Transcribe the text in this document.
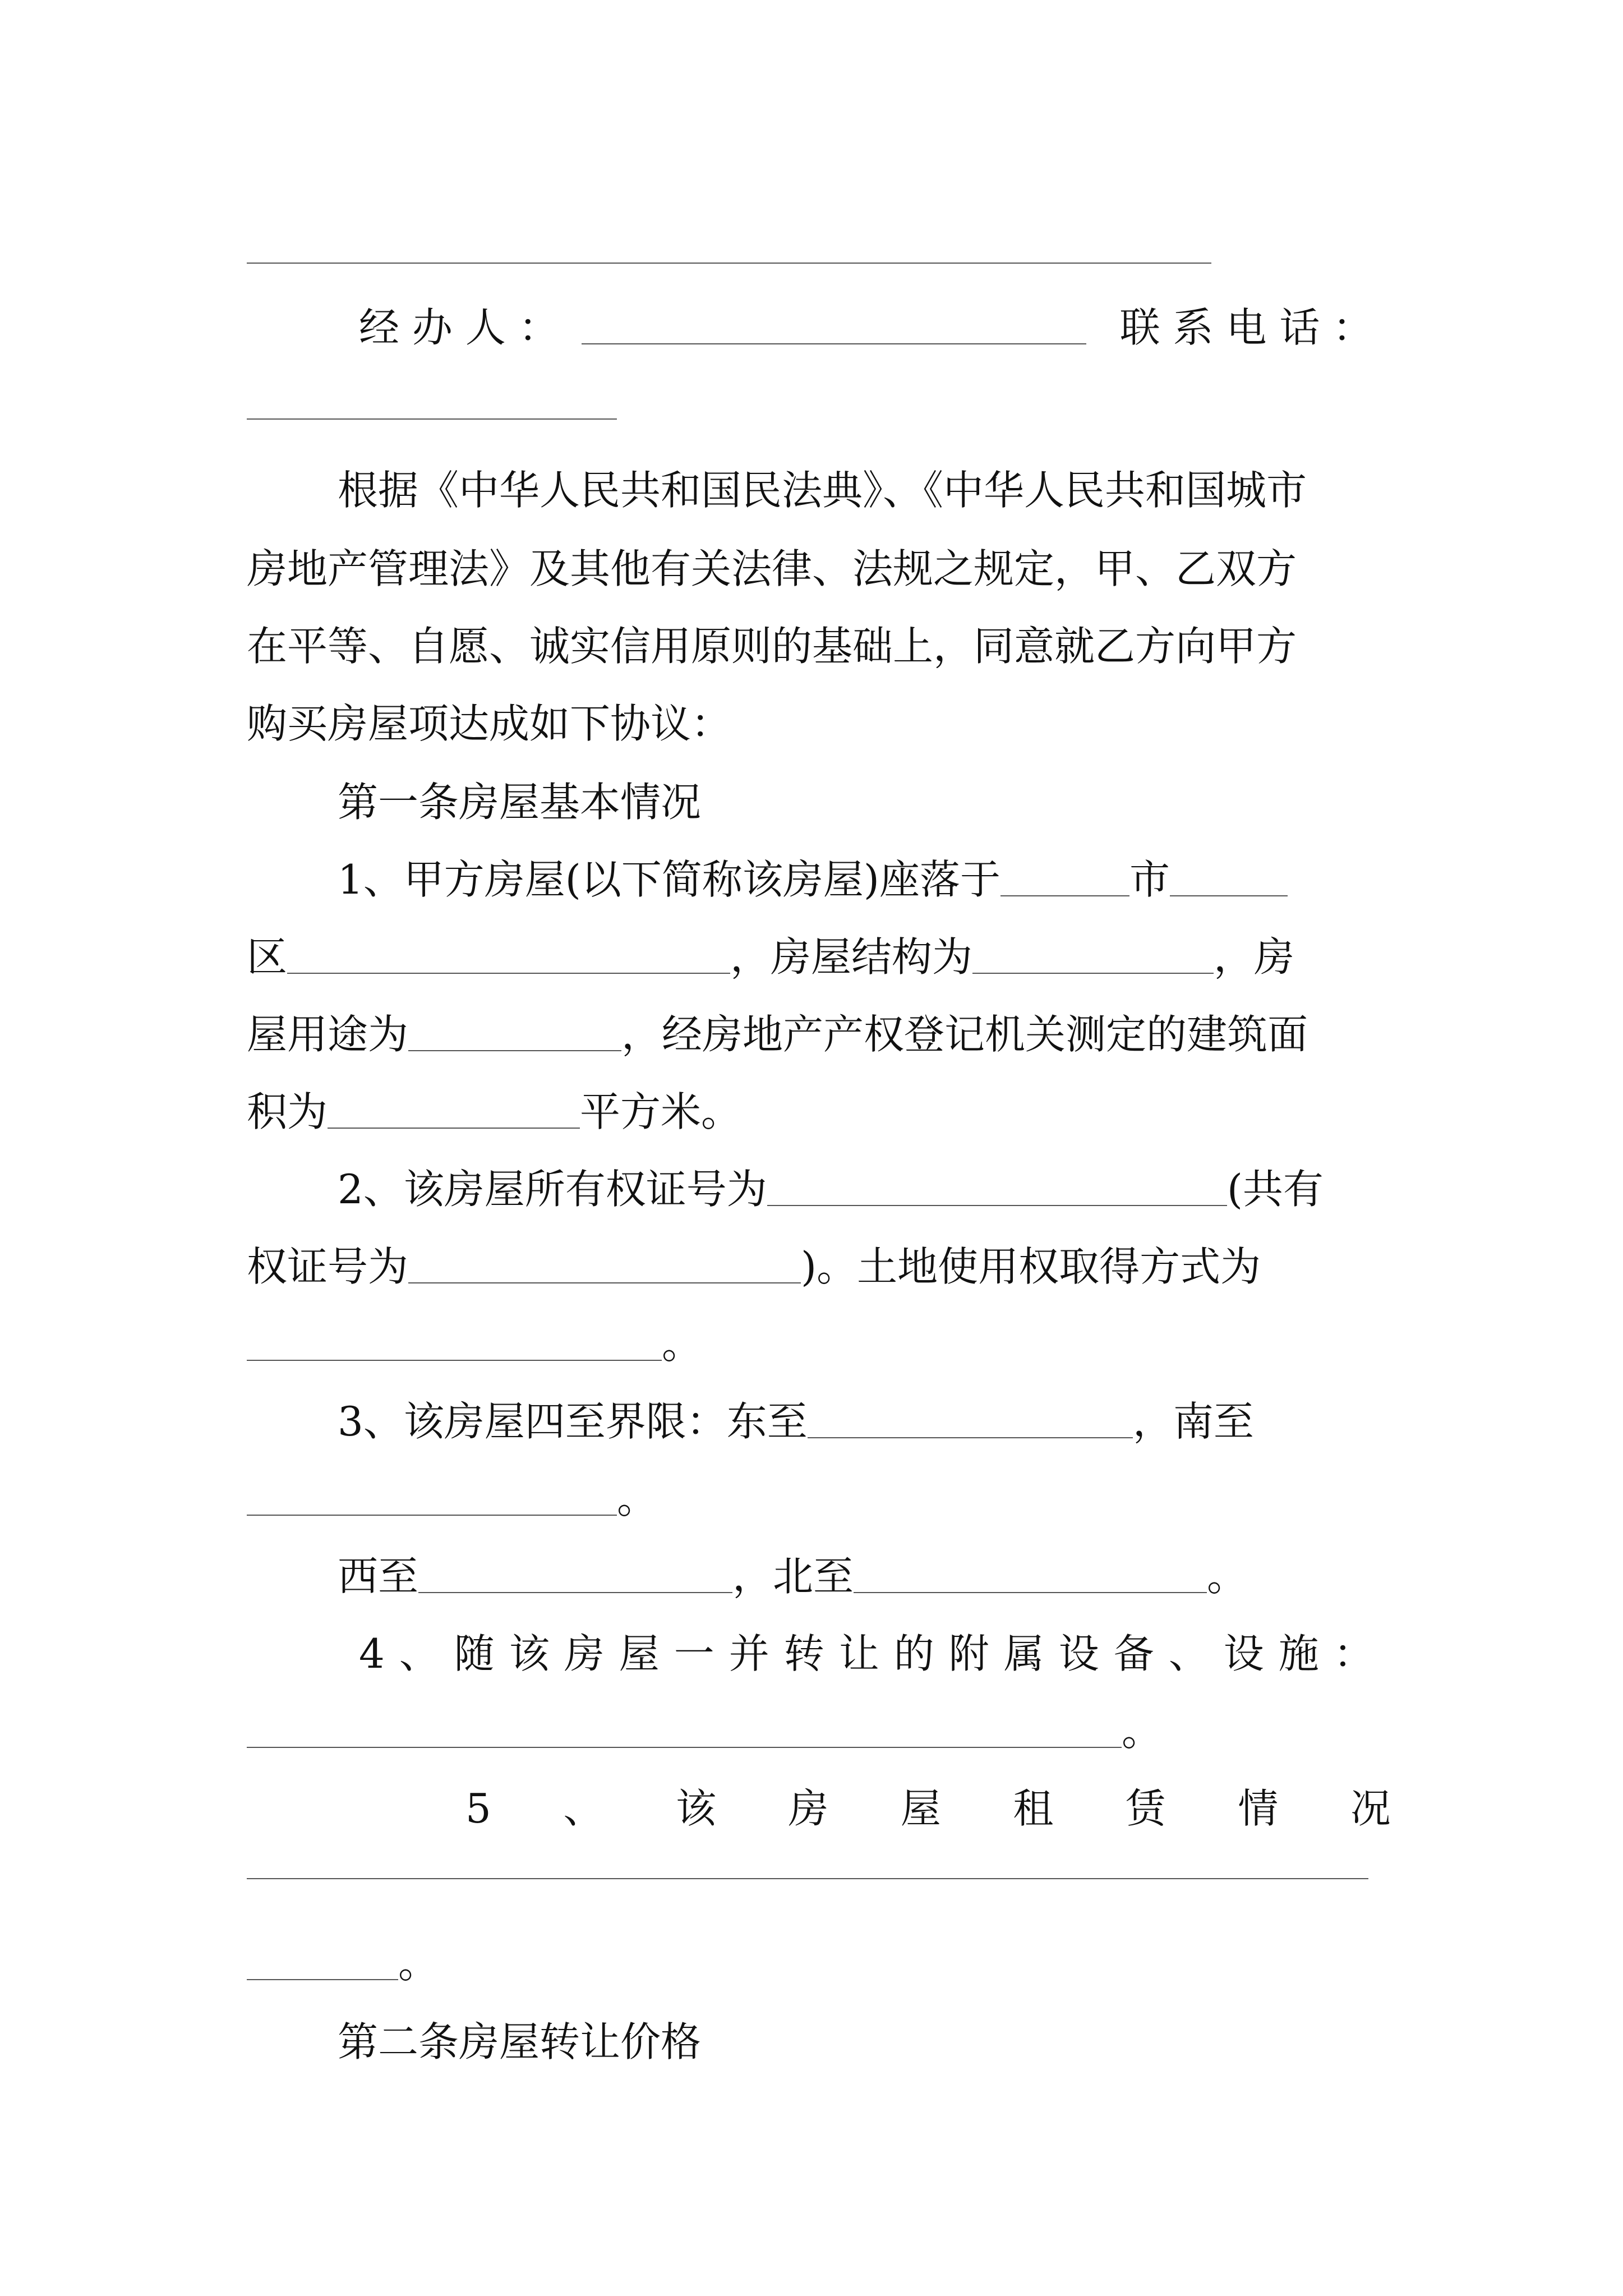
经 办 人 ：	联 系 电 话 ：
根据《中华人民共和国民法典》、《中华人民共和国城市
房地产管理法》及其他有关法律、法规之规定，甲、乙双方
在平等、自愿、诚实信用原则的基础上，同意就乙方向甲方
购买房屋项达成如下协议：
第一条房屋基本情况
1、甲方房屋(以下简称该房屋)座落于	市
区	，房屋结构为	，房
屋用途为	，经房地产产权登记机关测定的建筑面
积为	平方米。
2、该房屋所有权证号为	(共有
权证号为	)。土地使用权取得方式为
。
3、该房屋四至界限：东至	，南至
。
西至	，北至	。
4、随该房屋一并转让的附属设备、设施：
。
5 、 该 房 屋 租 赁 情 况
。
第二条房屋转让价格
